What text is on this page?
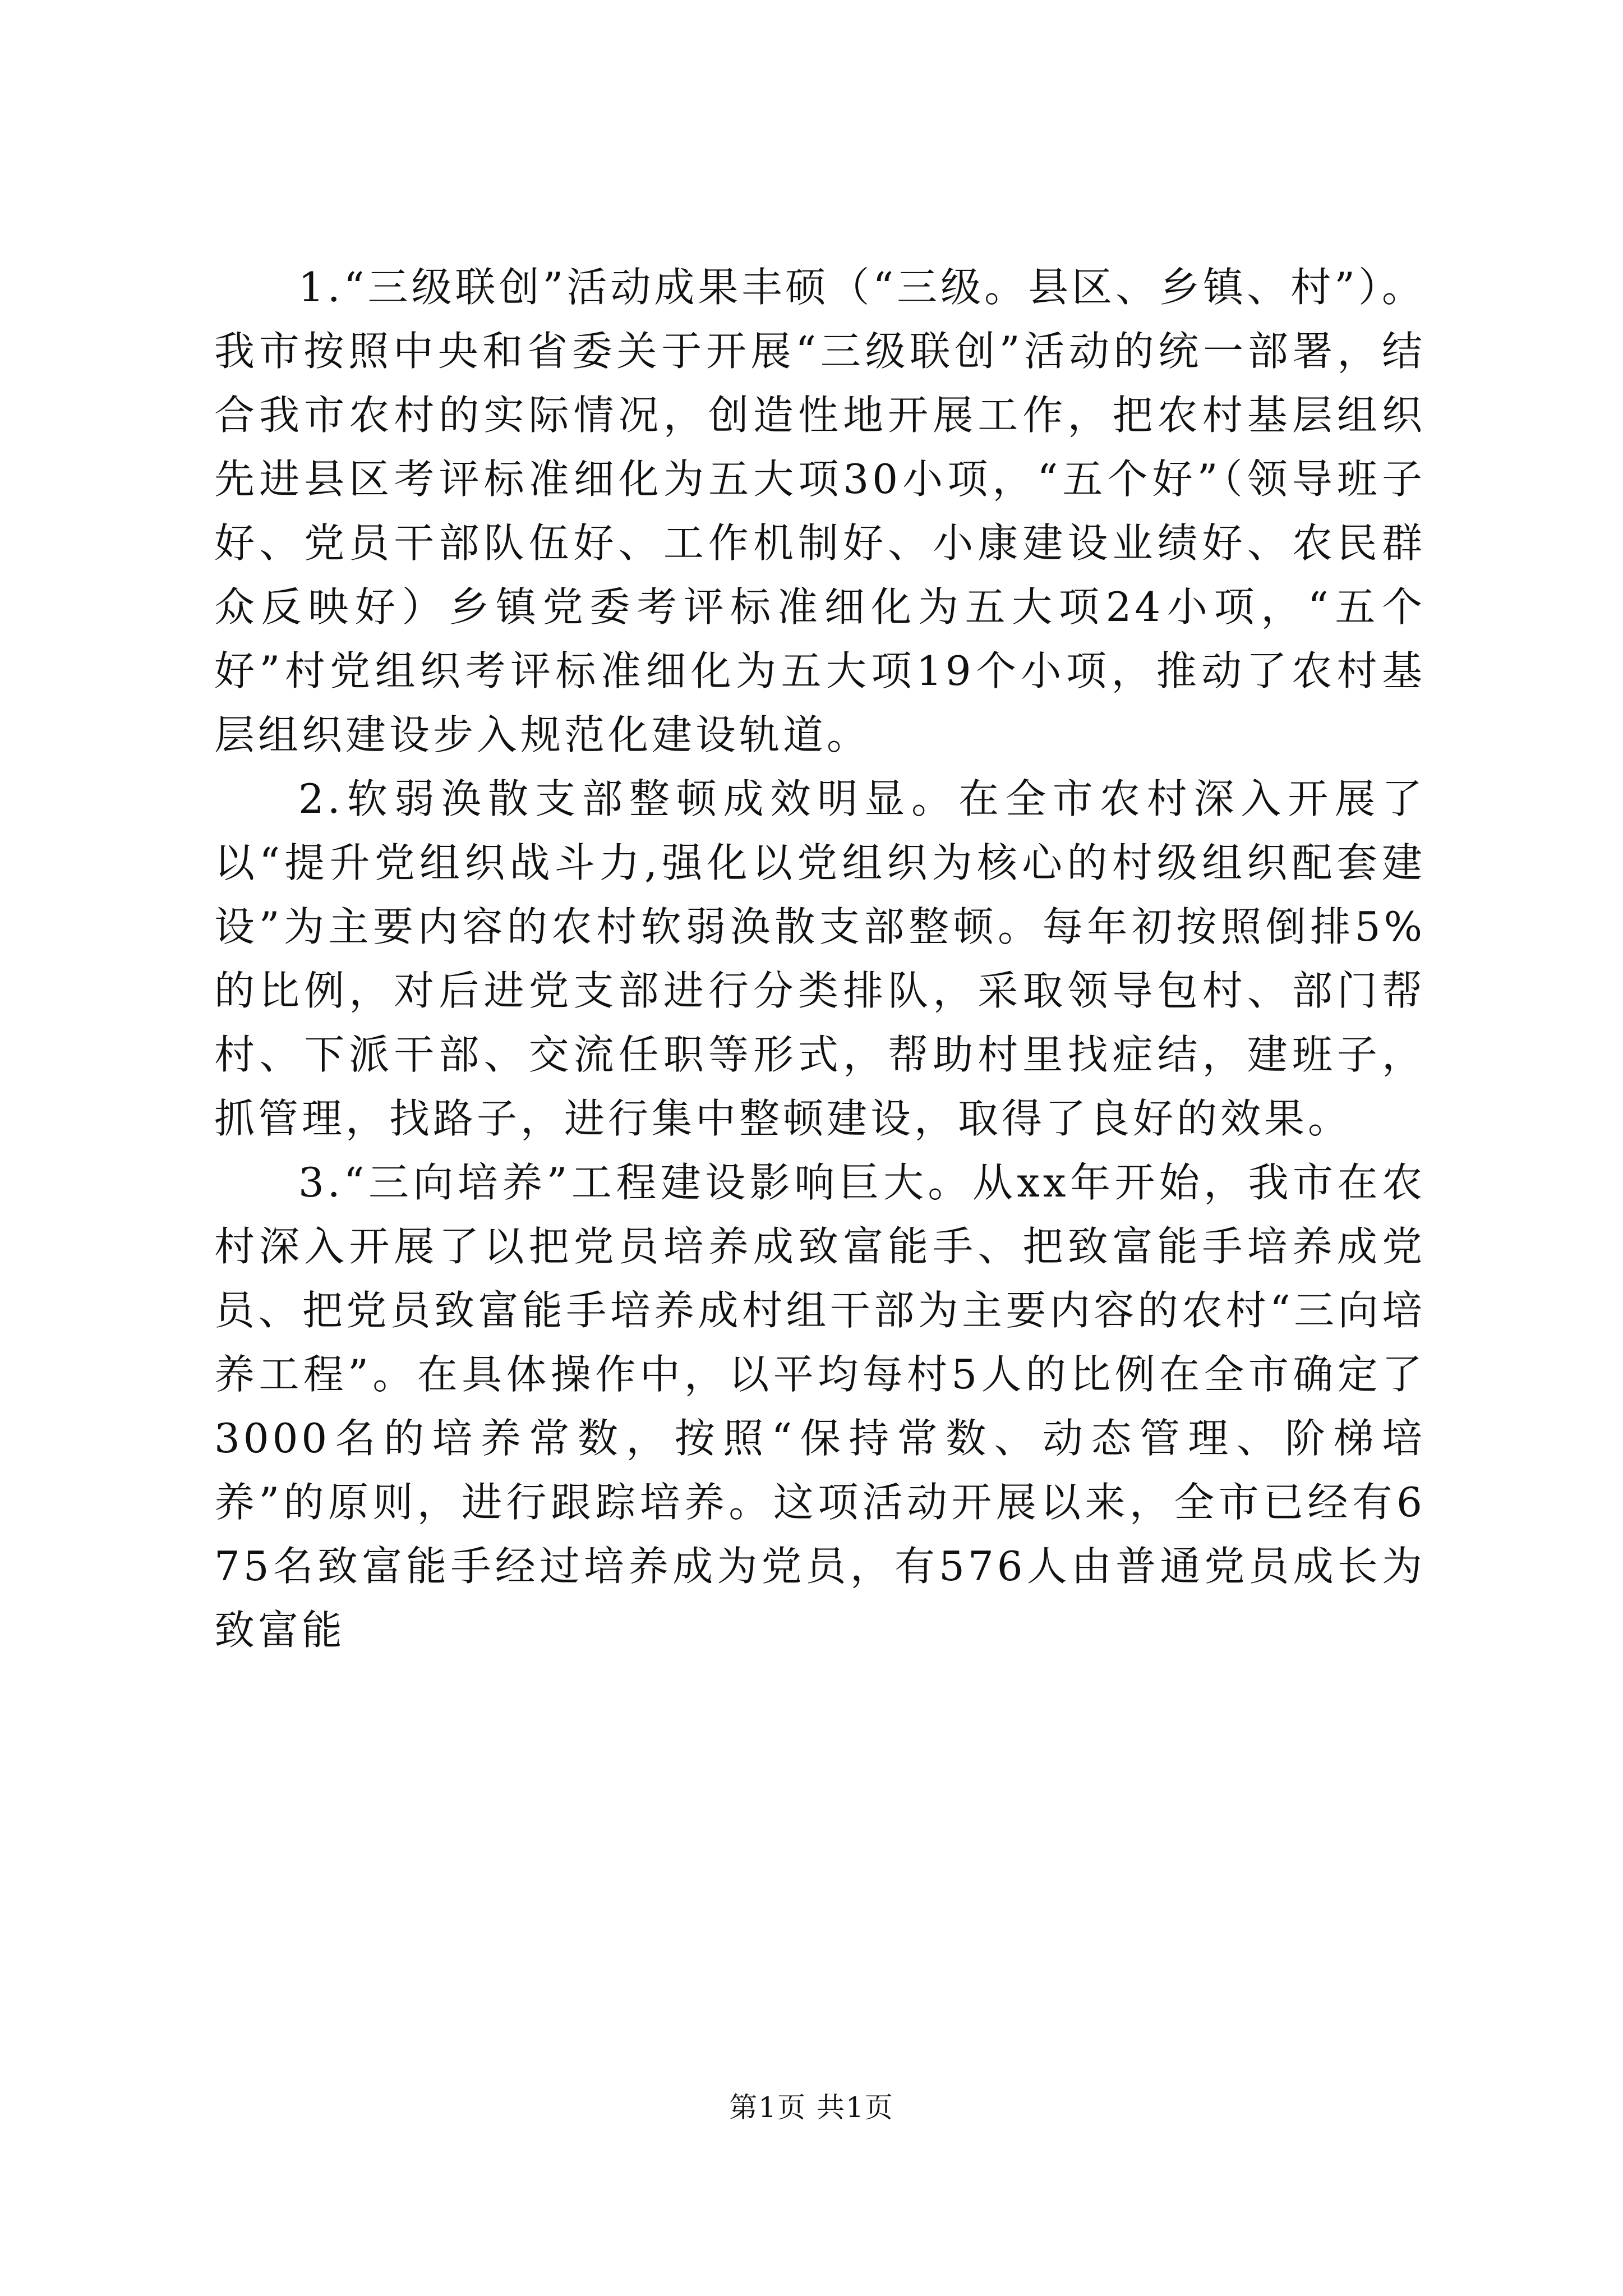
1.“三级联创”活动成果丰硕（“三级。县区、乡镇、村”）。我市按照中央和省委关于开展“三级联创”活动的统一部署，结合我市农村的实际情况，创造性地开展工作，把农村基层组织先进县区考评标准细化为五大项30小项，“五个好”（领导班子好、党员干部队伍好、工作机制好、小康建设业绩好、农民群众反映好）乡镇党委考评标准细化为五大项24小项，“五个好”村党组织考评标准细化为五大项19个小项，推动了农村基层组织建设步入规范化建设轨道。

2.软弱涣散支部整顿成效明显。在全市农村深入开展了以“提升党组织战斗力,强化以党组织为核心的村级组织配套建设”为主要内容的农村软弱涣散支部整顿。每年初按照倒排5%的比例，对后进党支部进行分类排队，采取领导包村、部门帮村、下派干部、交流任职等形式，帮助村里找症结，建班子，抓管理，找路子，进行集中整顿建设，取得了良好的效果。

3.“三向培养”工程建设影响巨大。从xx年开始，我市在农村深入开展了以把党员培养成致富能手、把致富能手培养成党员、把党员致富能手培养成村组干部为主要内容的农村“三向培养工程”。在具体操作中，以平均每村5人的比例在全市确定了3000名的培养常数，按照“保持常数、动态管理、阶梯培养”的原则，进行跟踪培养。这项活动开展以来，全市已经有675名致富能手经过培养成为党员，有576人由普通党员成长为致富能

第1页 共1页
